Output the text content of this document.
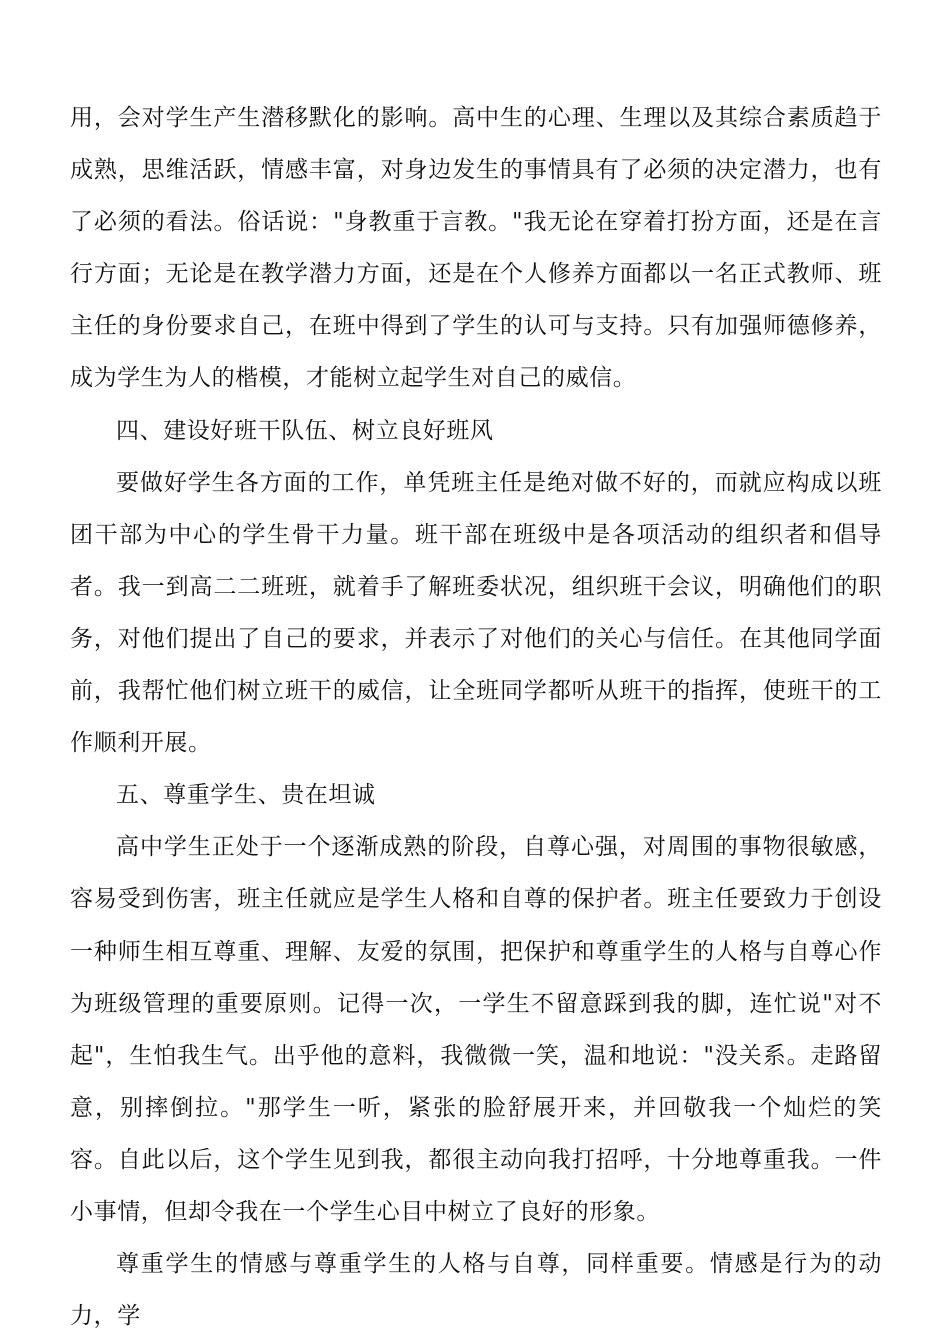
用，会对学生产生潜移默化的影响。高中生的心理、生理以及其综合素质趋于成熟，思维活跃，情感丰富，对身边发生的事情具有了必须的决定潜力，也有了必须的看法。俗话说："身教重于言教。"我无论在穿着打扮方面，还是在言行方面；无论是在教学潜力方面，还是在个人修养方面都以一名正式教师、班主任的身份要求自己，在班中得到了学生的认可与支持。只有加强师德修养，成为学生为人的楷模，才能树立起学生对自己的威信。

四、建设好班干队伍、树立良好班风

要做好学生各方面的工作，单凭班主任是绝对做不好的，而就应构成以班团干部为中心的学生骨干力量。班干部在班级中是各项活动的组织者和倡导者。我一到高二二班班，就着手了解班委状况，组织班干会议，明确他们的职务，对他们提出了自己的要求，并表示了对他们的关心与信任。在其他同学面前，我帮忙他们树立班干的威信，让全班同学都听从班干的指挥，使班干的工作顺利开展。

五、尊重学生、贵在坦诚

高中学生正处于一个逐渐成熟的阶段，自尊心强，对周围的事物很敏感，容易受到伤害，班主任就应是学生人格和自尊的保护者。班主任要致力于创设一种师生相互尊重、理解、友爱的氛围，把保护和尊重学生的人格与自尊心作为班级管理的重要原则。记得一次，一学生不留意踩到我的脚，连忙说"对不起"，生怕我生气。出乎他的意料，我微微一笑，温和地说："没关系。走路留意，别摔倒拉。"那学生一听，紧张的脸舒展开来，并回敬我一个灿烂的笑容。自此以后，这个学生见到我，都很主动向我打招呼，十分地尊重我。一件小事情，但却令我在一个学生心目中树立了良好的形象。

尊重学生的情感与尊重学生的人格与自尊，同样重要。情感是行为的动力，学
